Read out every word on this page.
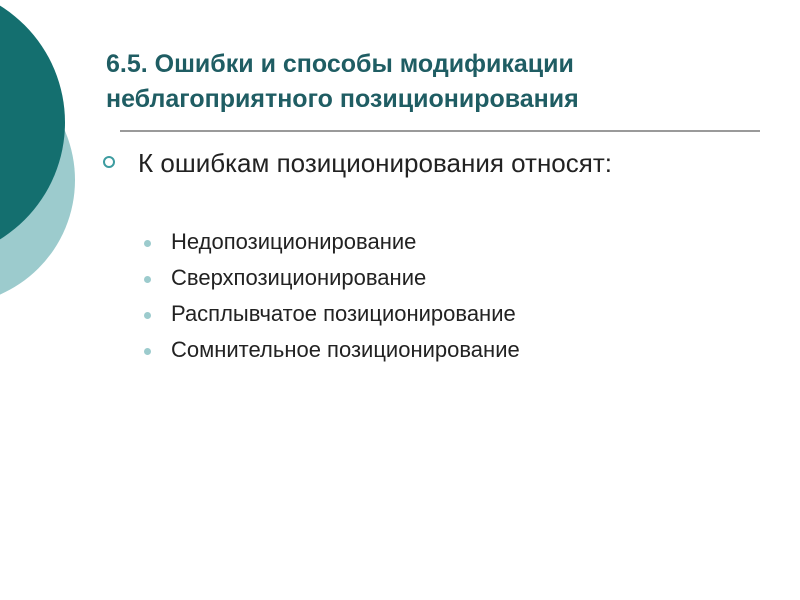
6.5. Ошибки и способы модификации неблагоприятного позиционирования
К ошибкам позиционирования относят:
Недопозиционирование
Сверхпозиционирование
Расплывчатое позиционирование
Сомнительное позиционирование
